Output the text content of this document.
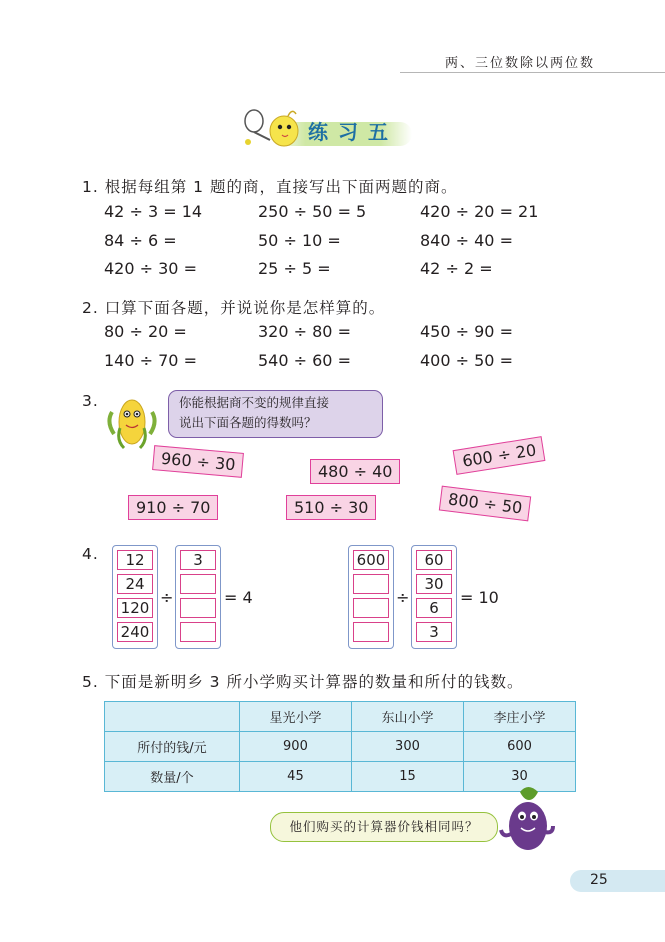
两、三位数除以两位数
练习五
1. 根据每组第 1 题的商，直接写出下面两题的商。
42 ÷ 3 = 14	250 ÷ 50 = 5	420 ÷ 20 = 21
84 ÷ 6 =	50 ÷ 10 =	840 ÷ 40 =
420 ÷ 30 =	25 ÷ 5 =	42 ÷ 2 =
2. 口算下面各题，并说说你是怎样算的。
80 ÷ 20 =	320 ÷ 80 =	450 ÷ 90 =
140 ÷ 70 =	540 ÷ 60 =	400 ÷ 50 =
3.	你能根据商不变的规律直接
说出下面各题的得数吗？
960 ÷ 30	480 ÷ 40
600 ÷ 20
910 ÷ 70	510 ÷ 30	800 ÷ 50
4.	12
24
120
240
÷
3
= 4
600
÷
60
30
6
3
= 10
5. 下面是新明乡 3 所小学购买计算器的数量和所付的钱数。
	星光小学	东山小学	李庄小学
所付的钱/元	900	300	600
数量/个	45	15	30
他们购买的计算器价钱相同吗？
25
